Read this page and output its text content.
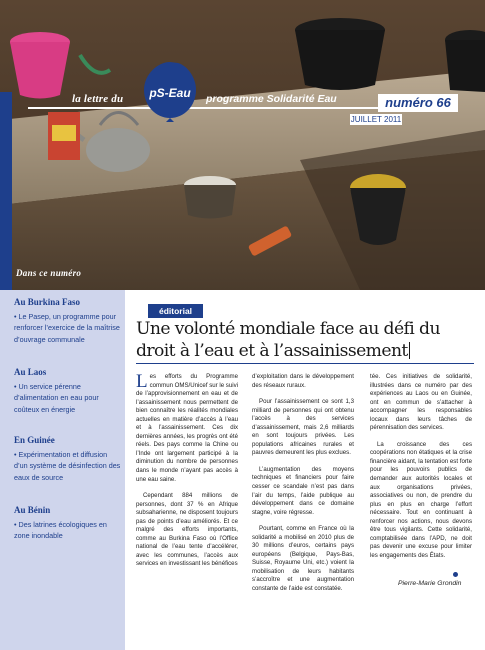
la lettre du	programme Solidarité Eau
pS-Eau
numéro 66
JUILLET 2011
Dans ce numéro
Au Burkina Faso
• Le Pasep, un programme pour renforcer l’exercice de la maîtrise d’ouvrage communale
Au Laos
• Un service pérenne d’alimentation en eau pour coûteux en énergie
En Guinée
• Expérimentation et diffusion d’un système de désinfection des eaux de source
Au Bénin
• Des latrines écologiques en zone inondable
éditorial
Une volonté mondiale face au défi du droit à l’eau et à l’assainissement

Les efforts du Programme commun OMS/Unicef sur le suivi de l’approvisionnement en eau et de l’assainissement nous permettent de bien connaître les réalités mondiales actuelles en matière d’accès à l’eau et à l’assainissement. Ces dix dernières années, les progrès ont été réels. Des pays comme la Chine ou l’Inde ont largement participé à la diminution du nombre de personnes dans le monde n’ayant pas accès à une eau saine.

Cependant 884 millions de personnes, dont 37 % en Afrique subsaharienne, ne disposent toujours pas de points d’eau améliorés. Et ce malgré des efforts importants, comme au Burkina Faso où l’Office national de l’eau tente d’accélérer, avec les communes, l’accès aux services en investissant les bénéfices

d’exploitation dans le développement des réseaux ruraux.

Pour l’assainissement ce sont 1,3 milliard de personnes qui ont obtenu l’accès à des services d’assainissement, mais 2,6 milliards en sont toujours privées. Les populations africaines rurales et pauvres demeurent les plus exclues.

L’augmentation des moyens techniques et financiers pour faire cesser ce scandale n’est pas dans l’air du temps, l’aide publique au développement dans ce domaine stagne, voire régresse.

Pourtant, comme en France où la solidarité a mobilisé en 2010 plus de 30 millions d’euros, certains pays européens (Belgique, Pays-Bas, Suisse, Royaume Uni, etc.) voient la mobilisation de leurs habitants s’accroître et une augmentation constante de l’aide est constatée.

tée. Ces initiatives de solidarité, illustrées dans ce numéro par des expériences au Laos ou en Guinée, ont en commun de s’attacher à accompagner les responsables locaux dans leurs tâches de pérennisation des services.

La croissance des ces coopérations non étatiques et la crise financière aidant, la tentation est forte pour les pouvoirs publics de demander aux autorités locales et aux organisations privées, associatives ou non, de prendre du plus en plus en charge l’effort nécessaire. Tout en continuant à renforcer nos actions, nous devons être tous vigilants. Cette solidarité, comptabilisée dans l’APD, ne doit pas devenir une excuse pour limiter les engagements des États.

Pierre-Marie Grondin
